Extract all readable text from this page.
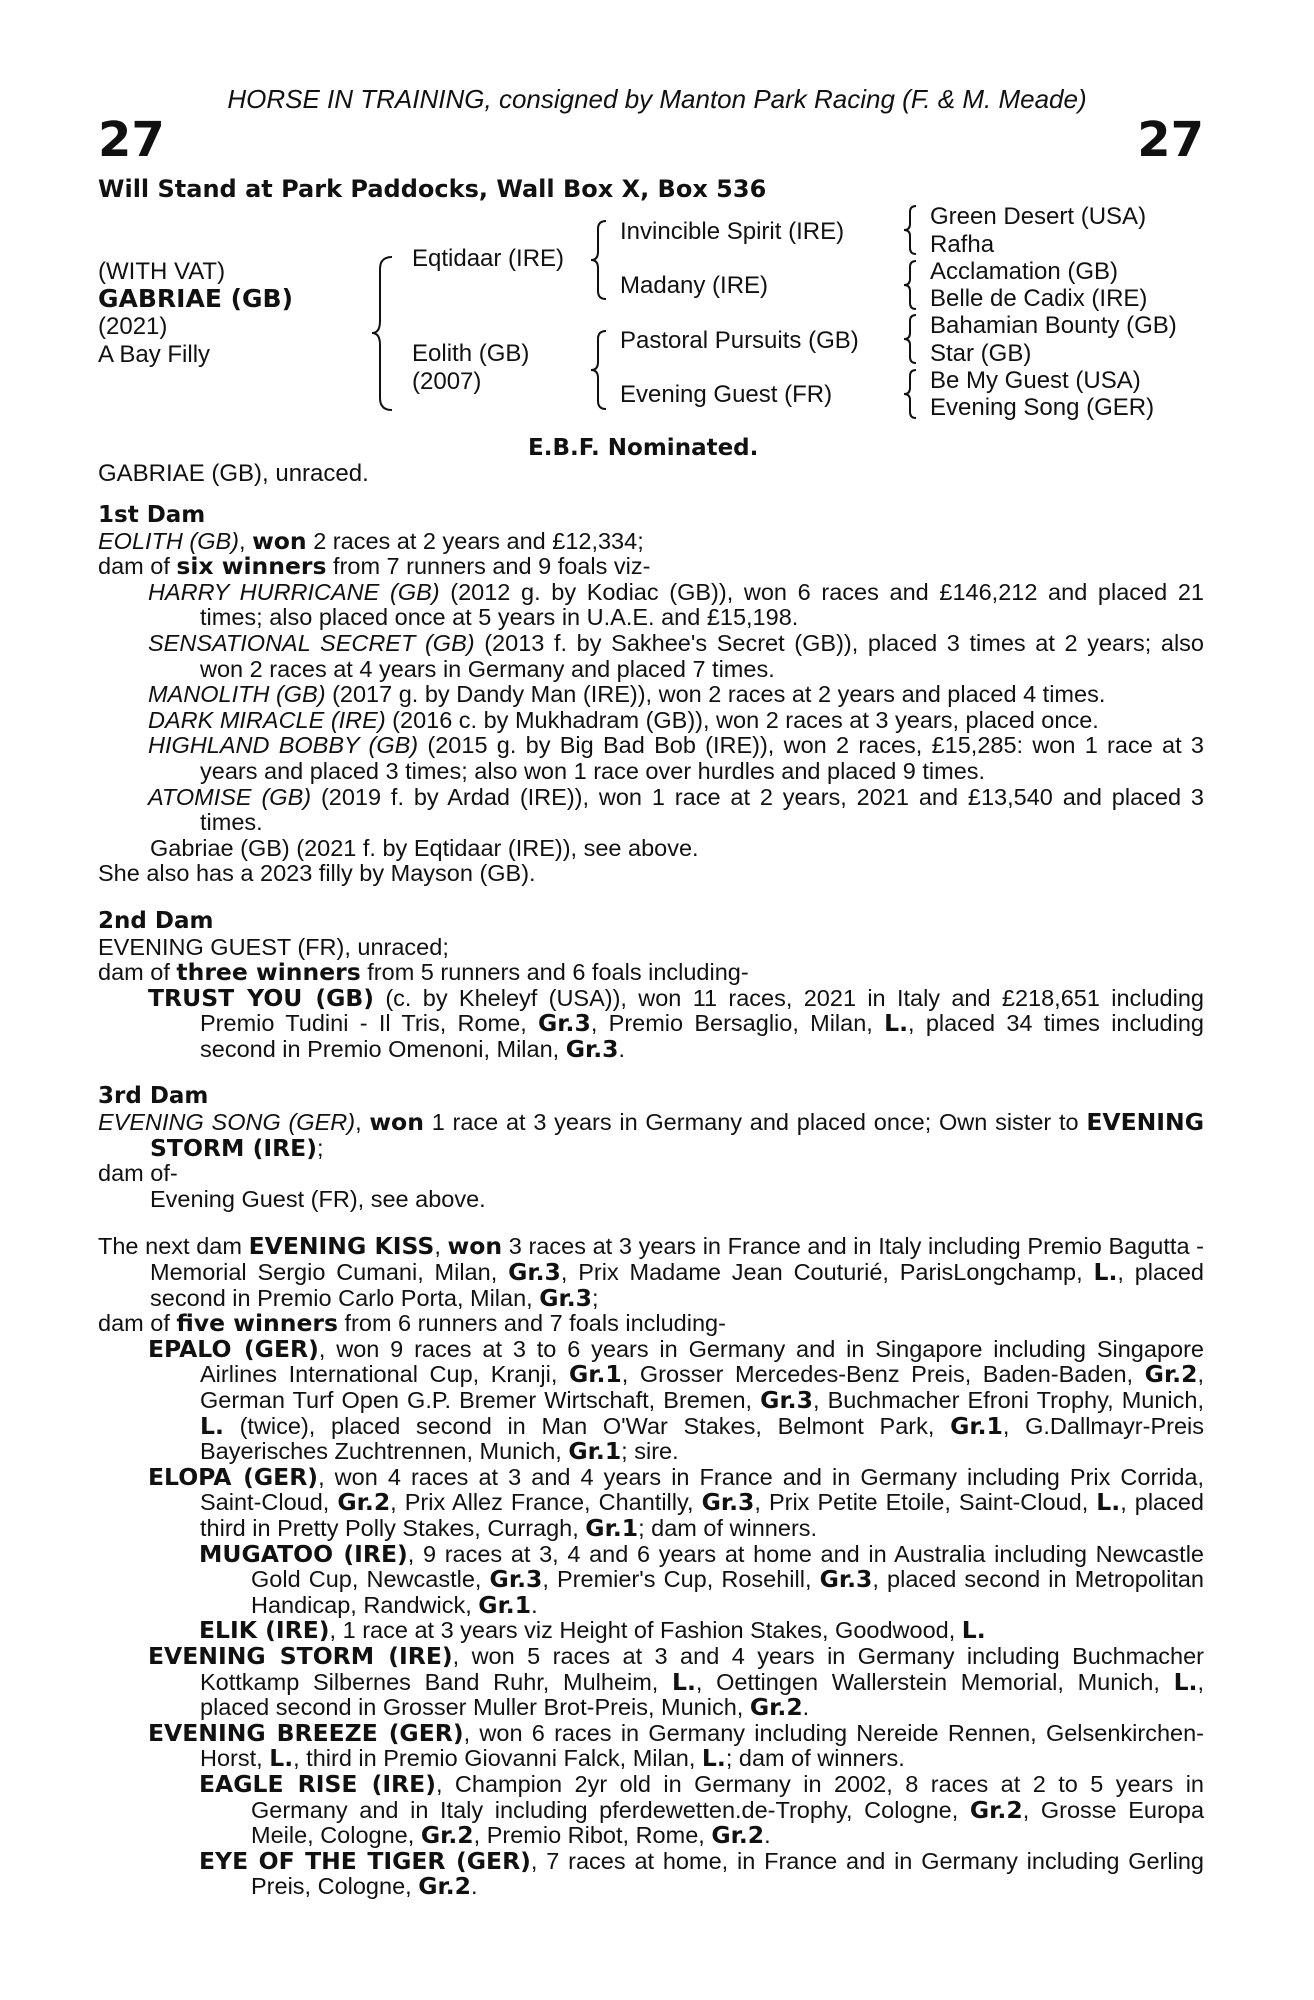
HORSE IN TRAINING, consigned by Manton Park Racing (F. & M. Meade)
27	27
Will Stand at Park Paddocks, Wall Box X, Box 536
(WITH VAT)
GABRIAE (GB)
(2021)
A Bay Filly
Eqtidaar (IRE)
Eolith (GB)
(2007)
Invincible Spirit (IRE)
Madany (IRE)
Pastoral Pursuits (GB)
Evening Guest (FR)
Green Desert (USA)
Rafha
Acclamation (GB)
Belle de Cadix (IRE)
Bahamian Bounty (GB)
Star (GB)
Be My Guest (USA)
Evening Song (GER)
E.B.F. Nominated.
GABRIAE (GB), unraced.
1st Dam
EOLITH (GB), won 2 races at 2 years and £12,334;
dam of six winners from 7 runners and 9 foals viz-
HARRY HURRICANE (GB) (2012 g. by Kodiac (GB)), won 6 races and £146,212 and placed 21 times; also placed once at 5 years in U.A.E. and £15,198.
SENSATIONAL SECRET (GB) (2013 f. by Sakhee's Secret (GB)), placed 3 times at 2 years; also won 2 races at 4 years in Germany and placed 7 times.
MANOLITH (GB) (2017 g. by Dandy Man (IRE)), won 2 races at 2 years and placed 4 times.
DARK MIRACLE (IRE) (2016 c. by Mukhadram (GB)), won 2 races at 3 years, placed once.
HIGHLAND BOBBY (GB) (2015 g. by Big Bad Bob (IRE)), won 2 races, £15,285: won 1 race at 3 years and placed 3 times; also won 1 race over hurdles and placed 9 times.
ATOMISE (GB) (2019 f. by Ardad (IRE)), won 1 race at 2 years, 2021 and £13,540 and placed 3 times.
Gabriae (GB) (2021 f. by Eqtidaar (IRE)), see above.
She also has a 2023 filly by Mayson (GB).
2nd Dam
EVENING GUEST (FR), unraced;
dam of three winners from 5 runners and 6 foals including-
TRUST YOU (GB) (c. by Kheleyf (USA)), won 11 races, 2021 in Italy and £218,651 including Premio Tudini - Il Tris, Rome, Gr.3, Premio Bersaglio, Milan, L., placed 34 times including second in Premio Omenoni, Milan, Gr.3.
3rd Dam
EVENING SONG (GER), won 1 race at 3 years in Germany and placed once; Own sister to EVENING STORM (IRE);
dam of-
Evening Guest (FR), see above.
The next dam EVENING KISS, won 3 races at 3 years in France and in Italy including Premio Bagutta - Memorial Sergio Cumani, Milan, Gr.3, Prix Madame Jean Couturié, ParisLongchamp, L., placed second in Premio Carlo Porta, Milan, Gr.3;
dam of five winners from 6 runners and 7 foals including-
EPALO (GER), won 9 races at 3 to 6 years in Germany and in Singapore including Singapore Airlines International Cup, Kranji, Gr.1, Grosser Mercedes-Benz Preis, Baden-Baden, Gr.2, German Turf Open G.P. Bremer Wirtschaft, Bremen, Gr.3, Buchmacher Efroni Trophy, Munich, L. (twice), placed second in Man O'War Stakes, Belmont Park, Gr.1, G.Dallmayr-Preis Bayerisches Zuchtrennen, Munich, Gr.1; sire.
ELOPA (GER), won 4 races at 3 and 4 years in France and in Germany including Prix Corrida, Saint-Cloud, Gr.2, Prix Allez France, Chantilly, Gr.3, Prix Petite Etoile, Saint-Cloud, L., placed third in Pretty Polly Stakes, Curragh, Gr.1; dam of winners.
MUGATOO (IRE), 9 races at 3, 4 and 6 years at home and in Australia including Newcastle Gold Cup, Newcastle, Gr.3, Premier's Cup, Rosehill, Gr.3, placed second in Metropolitan Handicap, Randwick, Gr.1.
ELIK (IRE), 1 race at 3 years viz Height of Fashion Stakes, Goodwood, L.
EVENING STORM (IRE), won 5 races at 3 and 4 years in Germany including Buchmacher Kottkamp Silbernes Band Ruhr, Mulheim, L., Oettingen Wallerstein Memorial, Munich, L., placed second in Grosser Muller Brot-Preis, Munich, Gr.2.
EVENING BREEZE (GER), won 6 races in Germany including Nereide Rennen, Gelsenkirchen-Horst, L., third in Premio Giovanni Falck, Milan, L.; dam of winners.
EAGLE RISE (IRE), Champion 2yr old in Germany in 2002, 8 races at 2 to 5 years in Germany and in Italy including pferdewetten.de-Trophy, Cologne, Gr.2, Grosse Europa Meile, Cologne, Gr.2, Premio Ribot, Rome, Gr.2.
EYE OF THE TIGER (GER), 7 races at home, in France and in Germany including Gerling Preis, Cologne, Gr.2.
